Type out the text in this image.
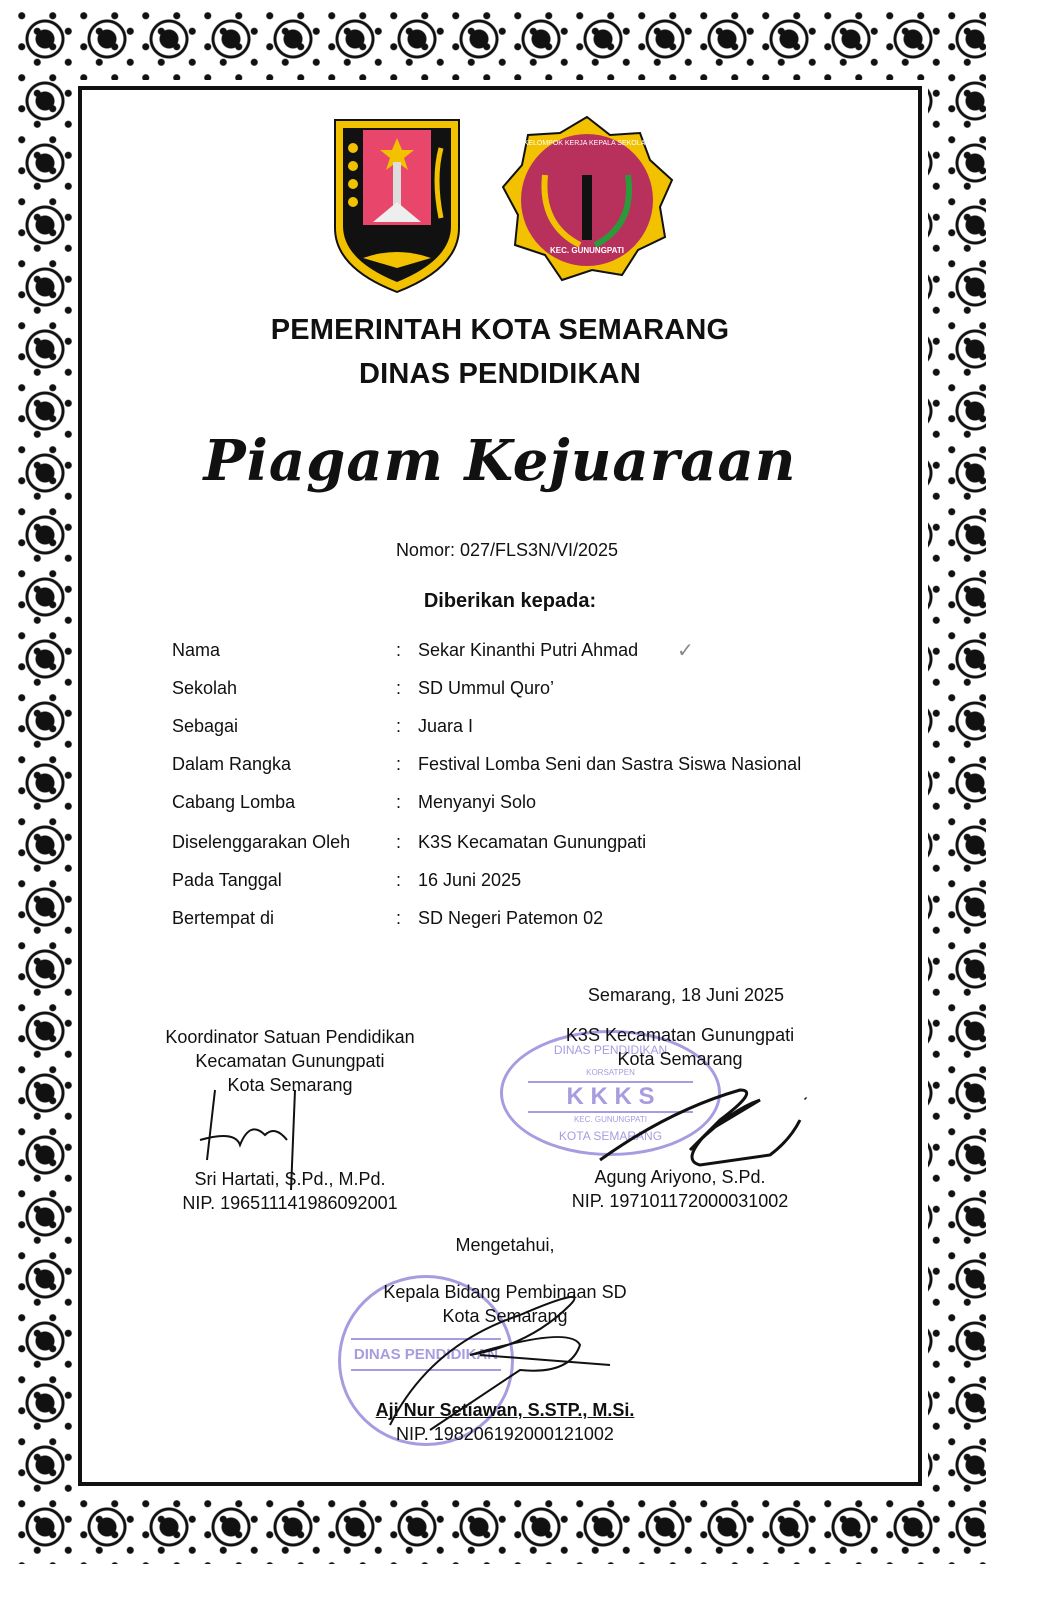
KELOMPOK KERJA KEPALA SEKOLAH
KEC. GUNUNGPATI
PEMERINTAH KOTA SEMARANG
DINAS PENDIDIKAN
Piagam Kejuaraan
Nomor: 027/FLS3N/VI/2025
Diberikan kepada:
Nama	: Sekar Kinanthi Putri Ahmad ✓
Sekolah	: SD Ummul Quro’
Sebagai	: Juara I
Dalam Rangka	: Festival Lomba Seni dan Sastra Siswa Nasional
Cabang Lomba	: Menyanyi Solo
Diselenggarakan Oleh	: K3S Kecamatan Gunungpati
Pada Tanggal	: 16 Juni 2025
Bertempat di	: SD Negeri Patemon 02
Semarang, 18 Juni 2025
Koordinator Satuan Pendidikan
Kecamatan Gunungpati
Kota Semarang
Sri Hartati, S.Pd., M.Pd.
NIP. 196511141986092001
DINAS PENDIDIKAN
KORSATPEN
K K K S
KEC. GUNUNGPATI
KOTA SEMARANG
K3S Kecamatan Gunungpati
Kota Semarang
Agung Ariyono, S.Pd.
NIP. 197101172000031002
Mengetahui,
DINAS PENDIDIKAN
Kepala Bidang Pembinaan SD
Kota Semarang
Aji Nur Setiawan, S.STP., M.Si.
NIP. 198206192000121002
